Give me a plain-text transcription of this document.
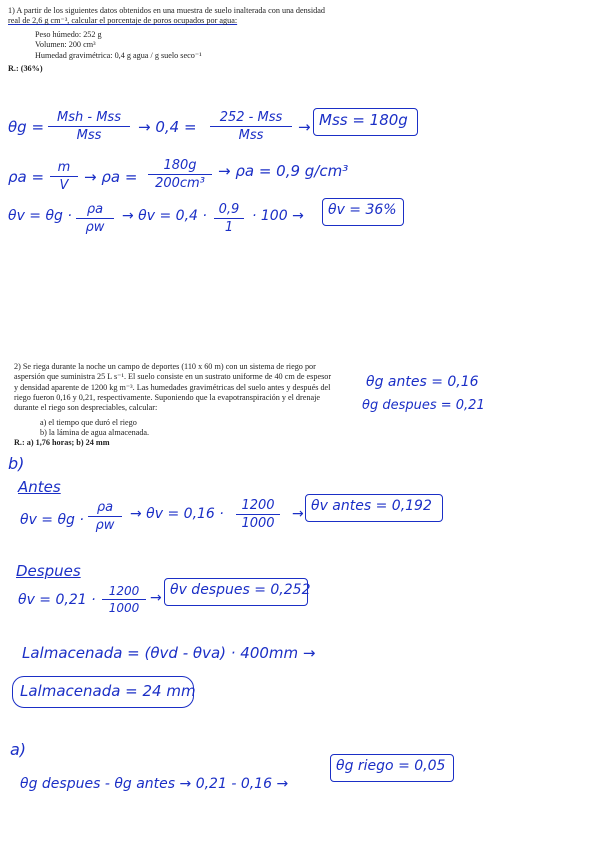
1) A partir de los siguientes datos obtenidos en una muestra de suelo inalterada con una densidad
real de 2,6 g cm⁻³, calcular el porcentaje de poros ocupados por agua:
Peso húmedo: 252 g
Volumen: 200 cm³
Humedad gravimétrica: 0,4 g agua / g suelo seco⁻¹
R.: (36%)
θg =
Msh - Mss
Mss	→ 0,4 =
252 - Mss
Mss	→ Mss = 180g
ρa =
m
V	→ ρa =
180g
200cm³
→ ρa = 0,9 g/cm³
θv = θg ·	ρa
ρw
→ θv = 0,4 · 0,9
1
· 100 → θv = 36%
2) Se riega durante la noche un campo de deportes (110 x 60 m) con un sistema de riego por
aspersión que suministra 25 L s⁻¹. El suelo consiste en un sustrato uniforme de 40 cm de espesor
y densidad aparente de 1200 kg m⁻³. Las humedades gravimétricas del suelo antes y después del
riego fueron 0,16 y 0,21, respectivamente. Suponiendo que la evapotranspiración y el drenaje
durante el riego son despreciables, calcular:
a) el tiempo que duró el riego
b) la lámina de agua almacenada.
R.: a) 1,76 horas; b) 24 mm
θg antes = 0,16
θg despues = 0,21
b)
Antes
θv = θg ·
ρa
ρw
→ θv = 0,16 ·
1200
1000
→ θv antes = 0,192
Despues
θv = 0,21 ·
1200
1000
→ θv despues = 0,252
Lalmacenada = (θvd - θva) · 400mm →
Lalmacenada = 24 mm
a)
θg despues - θg antes → 0,21 - 0,16 →
θg riego = 0,05
